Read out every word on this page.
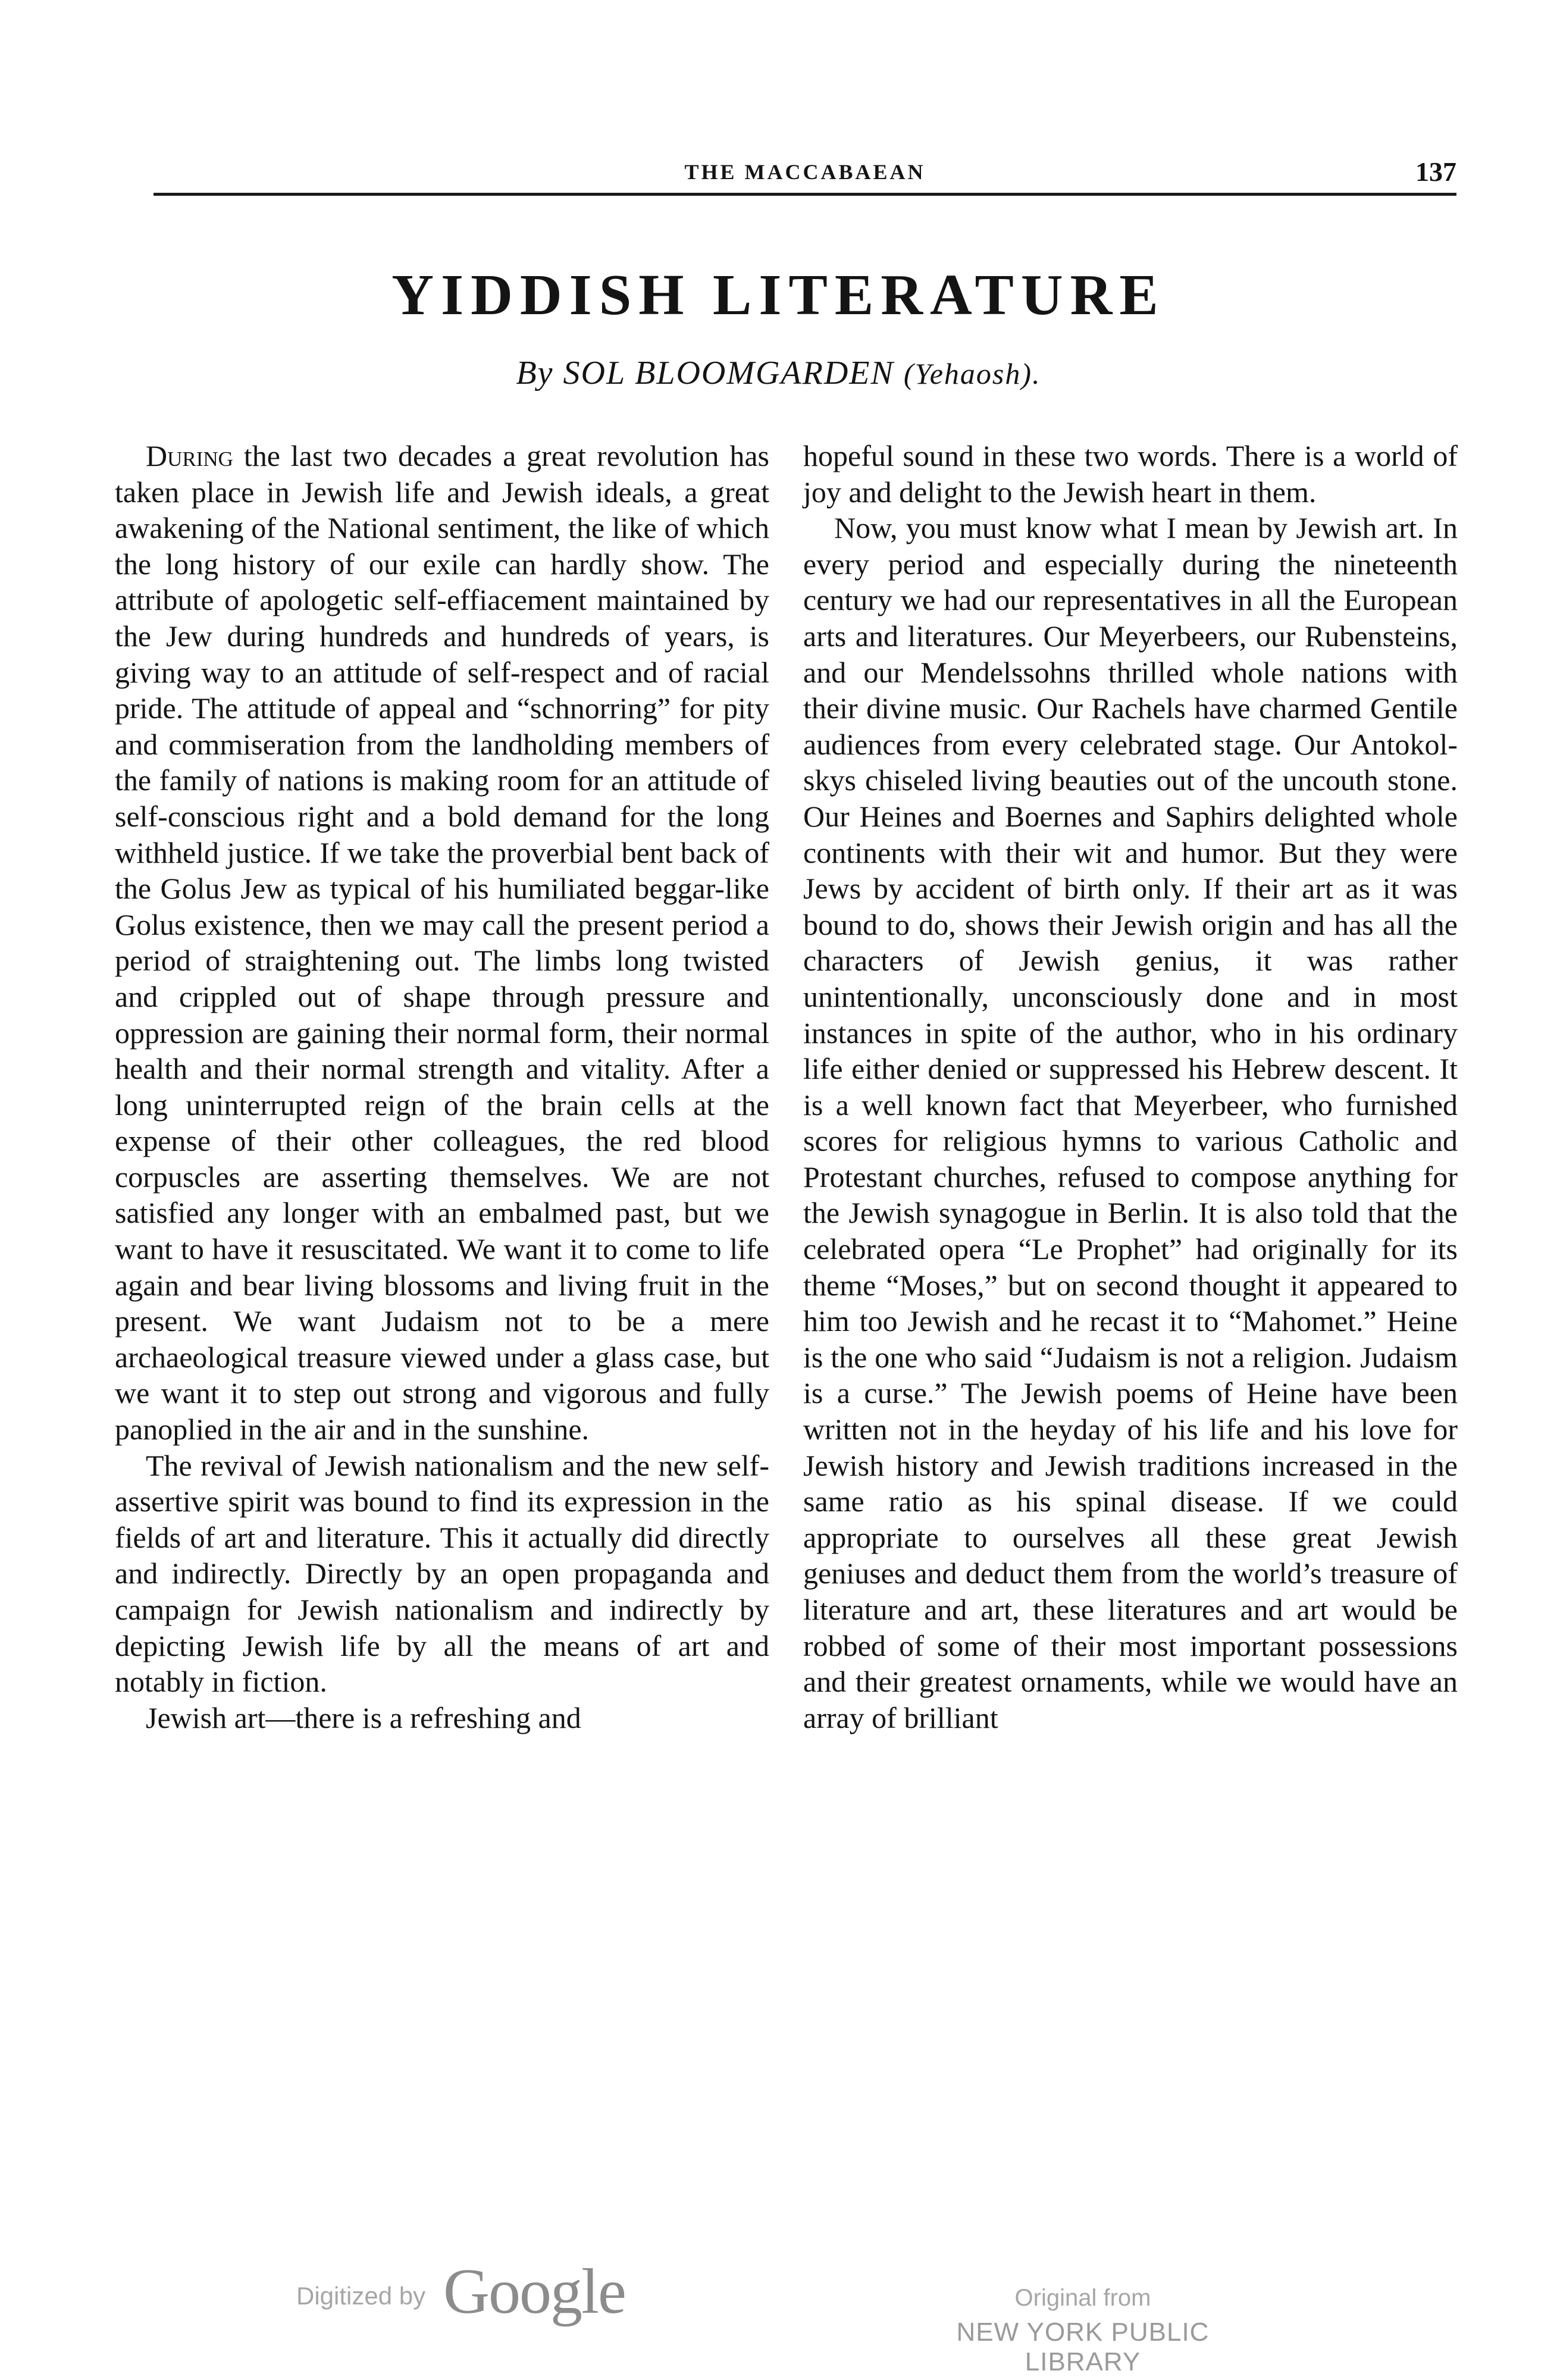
THE MACCABAEAN	137
YIDDISH LITERATURE
By SOL BLOOMGARDEN (Yehaosh).

During the last two decades a great revolution has taken place in Jewish life and Jewish ideals, a great awakening of the National sentiment, the like of which the long history of our exile can hardly show. The attribute of apologetic self-effiacement maintained by the Jew during hundreds and hundreds of years, is giving way to an attitude of self-respect and of racial pride. The attitude of appeal and “schnorring” for pity and commiseration from the landholding members of the family of nations is making room for an attitude of self-conscious right and a bold demand for the long withheld justice. If we take the proverbial bent back of the Golus Jew as typical of his humiliated beggar-like Golus existence, then we may call the present period a period of straightening out. The limbs long twisted and crippled out of shape through pressure and oppression are gaining their normal form, their normal health and their normal strength and vitality. After a long uninterrupted reign of the brain cells at the expense of their other colleagues, the red blood corpuscles are asserting themselves. We are not satisfied any longer with an embalmed past, but we want to have it resuscitated. We want it to come to life again and bear living blossoms and living fruit in the present. We want Judaism not to be a mere archaeological treasure viewed under a glass case, but we want it to step out strong and vigorous and fully panoplied in the air and in the sunshine.

The revival of Jewish nationalism and the new self-assertive spirit was bound to find its expression in the fields of art and literature. This it actually did directly and indirectly. Directly by an open propaganda and campaign for Jewish nationalism and indirectly by depicting Jewish life by all the means of art and notably in fiction.

Jewish art—there is a refreshing and

hopeful sound in these two words. There is a world of joy and delight to the Jewish heart in them.

Now, you must know what I mean by Jewish art. In every period and especially during the nineteenth century we had our representatives in all the European arts and literatures. Our Meyerbeers, our Rubensteins, and our Mendelssohns thrilled whole nations with their divine music. Our Rachels have charmed Gentile audiences from every celebrated stage. Our Antokolskys chiseled living beauties out of the uncouth stone. Our Heines and Boernes and Saphirs delighted whole continents with their wit and humor. But they were Jews by accident of birth only. If their art as it was bound to do, shows their Jewish origin and has all the characters of Jewish genius, it was rather unintentionally, unconsciously done and in most instances in spite of the author, who in his ordinary life either denied or suppressed his Hebrew descent. It is a well known fact that Meyerbeer, who furnished scores for religious hymns to various Catholic and Protestant churches, refused to compose anything for the Jewish synagogue in Berlin. It is also told that the celebrated opera “Le Prophet” had originally for its theme “Moses,” but on second thought it appeared to him too Jewish and he recast it to “Mahomet.” Heine is the one who said “Judaism is not a religion. Judaism is a curse.” The Jewish poems of Heine have been written not in the heyday of his life and his love for Jewish history and Jewish traditions increased in the same ratio as his spinal disease. If we could appropriate to ourselves all these great Jewish geniuses and deduct them from the world’s treasure of literature and art, these literatures and art would be robbed of some of their most important possessions and their greatest ornaments, while we would have an array of brilliant

Digitized by Google	Original from
NEW YORK PUBLIC LIBRARY
